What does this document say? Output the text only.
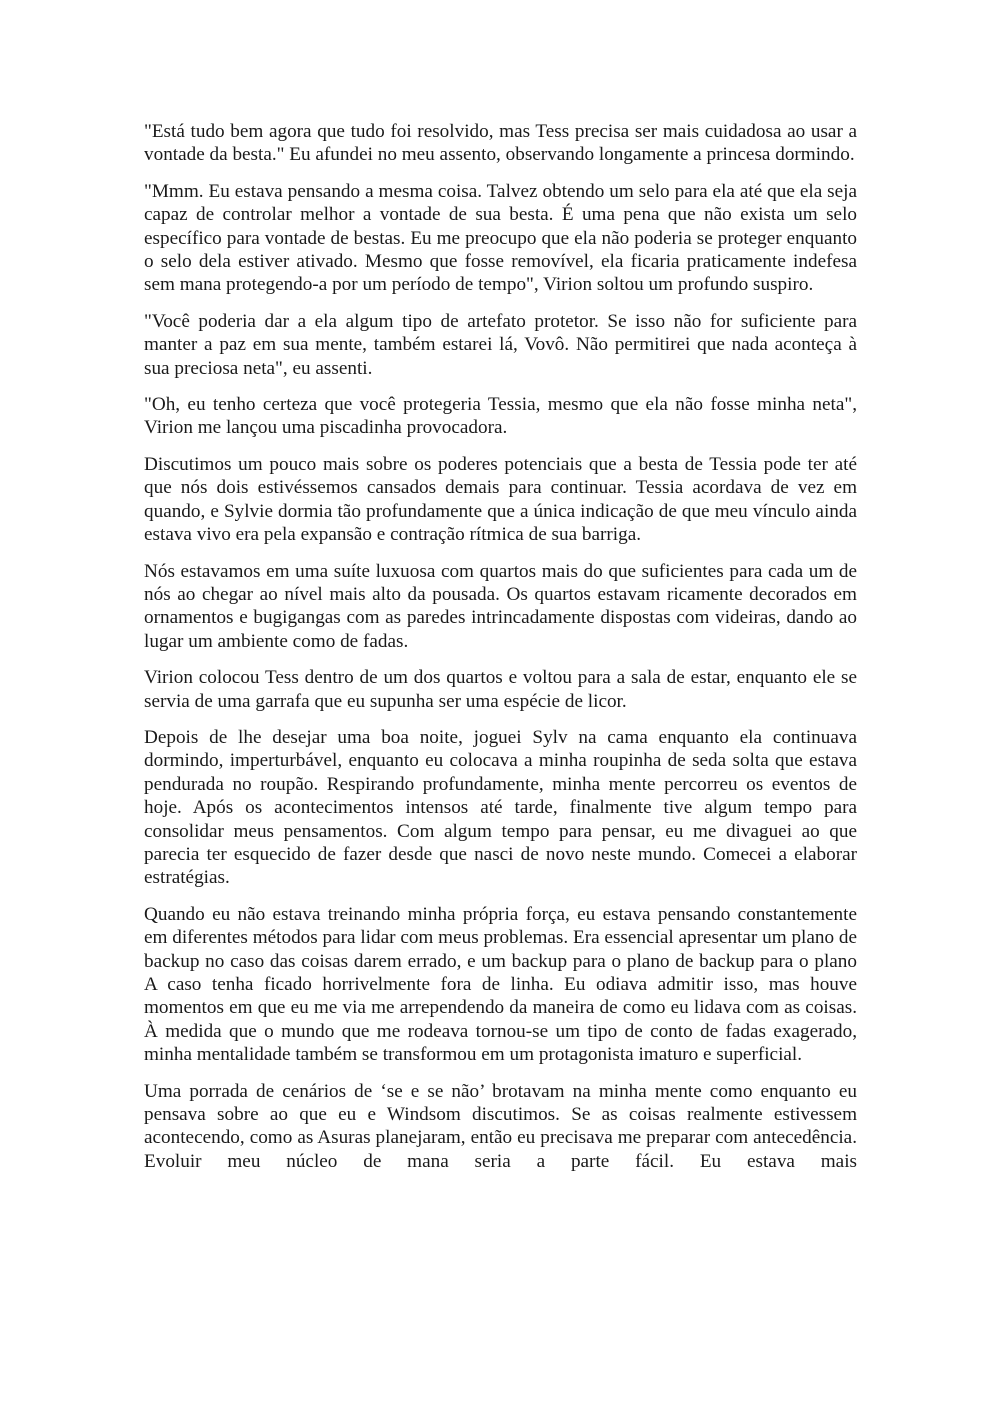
"Está tudo bem agora que tudo foi resolvido, mas Tess precisa ser mais cuidadosa ao usar a vontade da besta." Eu afundei no meu assento, observando longamente a princesa dormindo.

"Mmm. Eu estava pensando a mesma coisa. Talvez obtendo um selo para ela até que ela seja capaz de controlar melhor a vontade de sua besta. É uma pena que não exista um selo específico para vontade de bestas. Eu me preocupo que ela não poderia se proteger enquanto o selo dela estiver ativado. Mesmo que fosse removível, ela ficaria praticamente indefesa sem mana protegendo-a por um período de tempo", Virion soltou um profundo suspiro.

"Você poderia dar a ela algum tipo de artefato protetor. Se isso não for suficiente para manter a paz em sua mente, também estarei lá, Vovô. Não permitirei que nada aconteça à sua preciosa neta", eu assenti.

"Oh, eu tenho certeza que você protegeria Tessia, mesmo que ela não fosse minha neta", Virion me lançou uma piscadinha provocadora.

Discutimos um pouco mais sobre os poderes potenciais que a besta de Tessia pode ter até que nós dois estivéssemos cansados demais para continuar. Tessia acordava de vez em quando, e Sylvie dormia tão profundamente que a única indicação de que meu vínculo ainda estava vivo era pela expansão e contração rítmica de sua barriga.

Nós estavamos em uma suíte luxuosa com quartos mais do que suficientes para cada um de nós ao chegar ao nível mais alto da pousada. Os quartos estavam ricamente decorados em ornamentos e bugigangas com as paredes intrincadamente dispostas com videiras, dando ao lugar um ambiente como de fadas.

Virion colocou Tess dentro de um dos quartos e voltou para a sala de estar, enquanto ele se servia de uma garrafa que eu supunha ser uma espécie de licor.

Depois de lhe desejar uma boa noite, joguei Sylv na cama enquanto ela continuava dormindo, imperturbável, enquanto eu colocava a minha roupinha de seda solta que estava pendurada no roupão. Respirando profundamente, minha mente percorreu os eventos de hoje. Após os acontecimentos intensos até tarde, finalmente tive algum tempo para consolidar meus pensamentos. Com algum tempo para pensar, eu me divaguei ao que parecia ter esquecido de fazer desde que nasci de novo neste mundo. Comecei a elaborar estratégias.

Quando eu não estava treinando minha própria força, eu estava pensando constantemente em diferentes métodos para lidar com meus problemas. Era essencial apresentar um plano de backup no caso das coisas darem errado, e um backup para o plano de backup para o plano A caso tenha ficado horrivelmente fora de linha. Eu odiava admitir isso, mas houve momentos em que eu me via me arrependendo da maneira de como eu lidava com as coisas. À medida que o mundo que me rodeava tornou-se um tipo de conto de fadas exagerado, minha mentalidade também se transformou em um protagonista imaturo e superficial.

Uma porrada de cenários de ‘se e se não’ brotavam na minha mente como enquanto eu pensava sobre ao que eu e Windsom discutimos. Se as coisas realmente estivessem acontecendo, como as Asuras planejaram, então eu precisava me preparar com antecedência. Evoluir meu núcleo de mana seria a parte fácil. Eu estava mais
